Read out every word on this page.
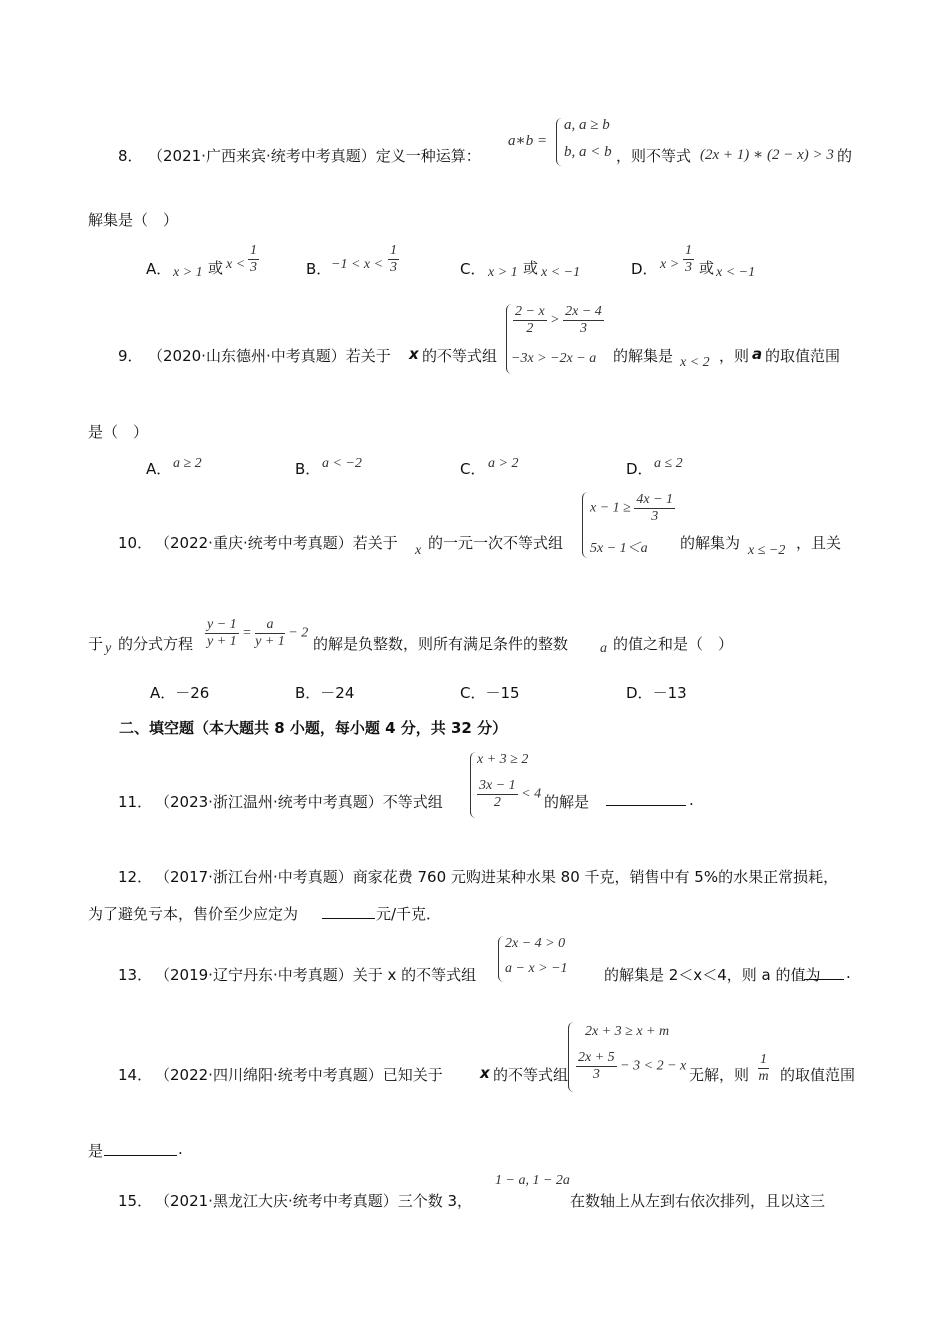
8． （2021·广西来宾·统考中考真题）定义一种运算：
a∗b =
a, a ≥ b
b, a < b ，则不等式 (2x + 1) ∗ (2 − x) > 3 的
解集是（　）
A． x > 1 或 $x < \frac{1}{3}$	B． $-1 < x < \frac{1}{3}$	C． x > 1 或 x < −1	D． $x > \frac{1}{3}$ 或 x < −1
9． （2020·山东德州·中考真题）若关于 x 的不等式组
$\frac{2 - x}{2} > \frac{2x - 4}{3}$
−3x > −2x − a 的解集是 x < 2 ，则 a 的取值范围
是（　）
A． a ≥ 2	B． a < −2	C． a > 2	D． a ≤ 2
10． （2022·重庆·统考中考真题）若关于 x 的一元一次不等式组
$x - 1 \ge \frac{4x - 1}{3}$
5x − 1＜a 的解集为 x ≤ −2 ，且关
于 y 的分式方程 $\frac{y - 1}{y + 1} = \frac{a}{y + 1} - 2$
的解是负整数，则所有满足条件的整数 a 的值之和是（　）
A．－26	B．－24	C．－15	D．－13
二、填空题（本大题共 8 小题，每小题 4 分，共 32 分）
11． （2023·浙江温州·统考中考真题）不等式组
x + 3 ≥ 2
$\frac{3x - 1}{2} < 4$ 的解是	.
12． （2017·浙江台州·中考真题）商家花费 760 元购进某种水果 80 千克，销售中有 5%的水果正常损耗，
为了避免亏本，售价至少应定为	元/千克．
13． （2019·辽宁丹东·中考真题）关于 x 的不等式组
2x − 4 > 0
a − x > −1 的解集是 2＜x＜4，则 a 的值为 .
14． （2022·四川绵阳·统考中考真题）已知关于 x 的不等式组
2x + 3 ≥ x + m
$\frac{2x + 5}{3} - 3 < 2 - x$ 无解，则 $\frac{1}{m}$ 的取值范围
是	.
15． （2021·黑龙江大庆·统考中考真题）三个数 3，
1 − a, 1 − 2a
在数轴上从左到右依次排列，且以这三
